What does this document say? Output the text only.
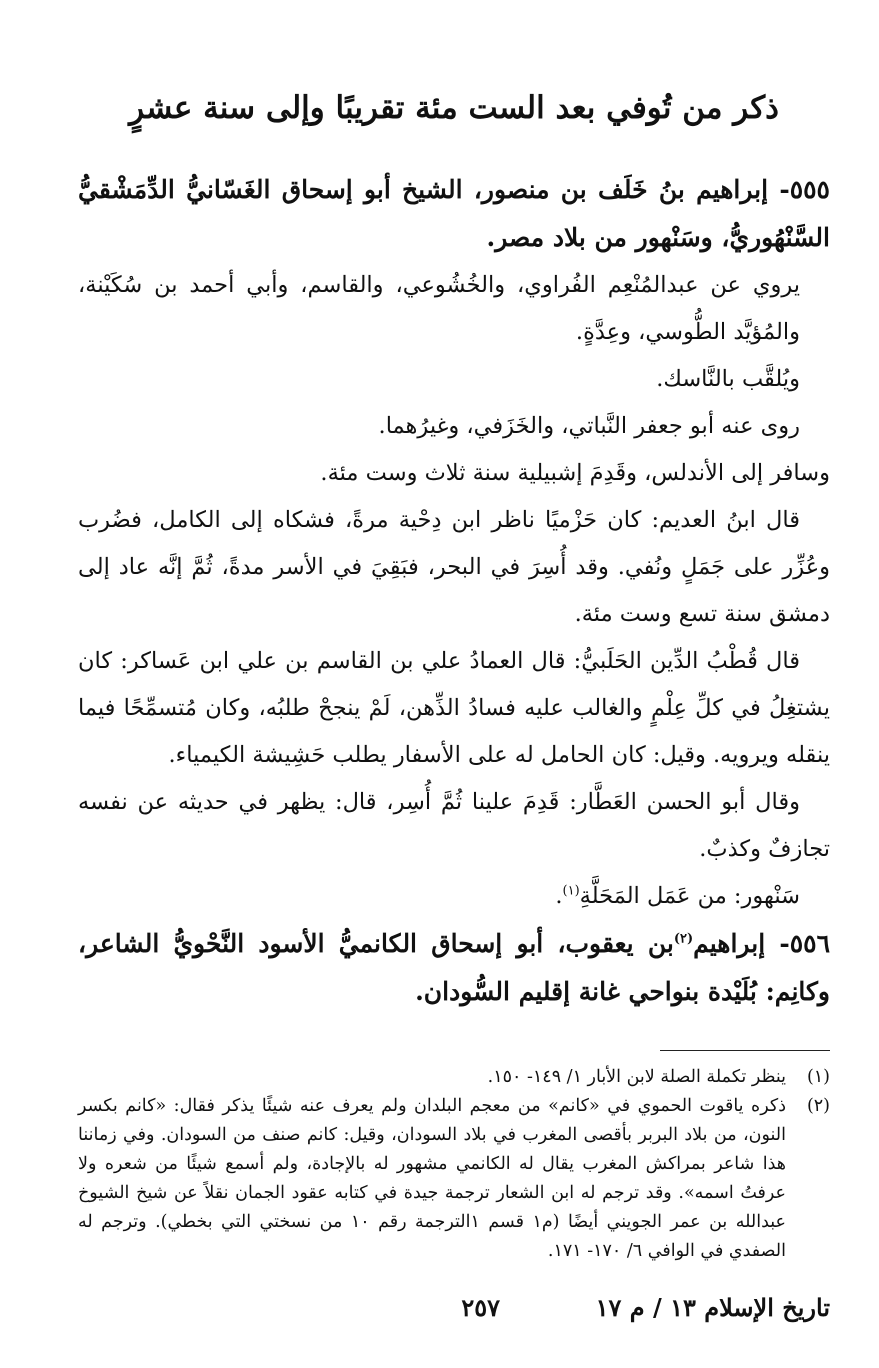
ذكر من تُوفي بعد الست مئة تقريبًا وإلى سنة عشرٍ
٥٥٥- إبراهيم بنُ خَلَف بن منصور، الشيخ أبو إسحاق الغَسّانيُّ الدِّمَشْقيُّ السَّنْهُوريُّ، وسَنْهور من بلاد مصر.

يروي عن عبدالمُنْعِم الفُراوي، والخُشُوعي، والقاسم، وأبي أحمد بن سُكَيْنة، والمُؤيَّد الطُّوسي، وعِدَّةٍ.

ويُلقَّب بالنَّاسك.

روى عنه أبو جعفر النَّباتي، والخَزَفي، وغيرُهما.

وسافر إلى الأندلس، وقَدِمَ إشبيلية سنة ثلاث وست مئة.

قال ابنُ العديم: كان حَزْميًا ناظر ابن دِحْية مرةً، فشكاه إلى الكامل، فضُرب وعُزِّر على جَمَلٍ ونُفي. وقد أُسِرَ في البحر، فبَقِيَ في الأسر مدةً، ثُمَّ إنَّه عاد إلى دمشق سنة تسع وست مئة.

قال قُطْبُ الدِّين الحَلَبيُّ: قال العمادُ علي بن القاسم بن علي ابن عَساكر: كان يشتغِلُ في كلِّ عِلْمٍ والغالب عليه فسادُ الذِّهن، لَمْ ينجحْ طلبُه، وكان مُتسمِّحًا فيما ينقله ويرويه. وقيل: كان الحامل له على الأسفار يطلب حَشِيشة الكيمياء.

وقال أبو الحسن العَطَّار: قَدِمَ علينا ثُمَّ أُسِر، قال: يظهر في حديثه عن نفسه تجازفٌ وكذبٌ.

سَنْهور: من عَمَل المَحَلَّةِ$^{(١)}$.

٥٥٦- إبراهيم$^{(٢)}$بن يعقوب، أبو إسحاق الكانميُّ الأسود النَّحْويُّ الشاعر، وكانِم: بُلَيْدة بنواحي غانة إقليم السُّودان.
(١)
ينظر تكملة الصلة لابن الأبار ١/ ١٤٩- ١٥٠.
(٢)
ذكره ياقوت الحموي في «كانم» من معجم البلدان ولم يعرف عنه شيئًا يذكر فقال: «كانم بكسر النون، من بلاد البربر بأقصى المغرب في بلاد السودان، وقيل: كانم صنف من السودان. وفي زماننا هذا شاعر بمراكش المغرب يقال له الكانمي مشهور له بالإجادة، ولم أسمع شيئًا من شعره ولا عرفتُ اسمه». وقد ترجم له ابن الشعار ترجمة جيدة في كتابه عقود الجمان نقلاً عن شيخ الشيوخ عبدالله بن عمر الجويني أيضًا (م١ قسم ١الترجمة رقم ١٠ من نسختي التي بخطي). وترجم له الصفدي في الوافي ٦/ ١٧٠- ١٧١.
تاريخ الإسلام ١٣ / م ١٧
٢٥٧
